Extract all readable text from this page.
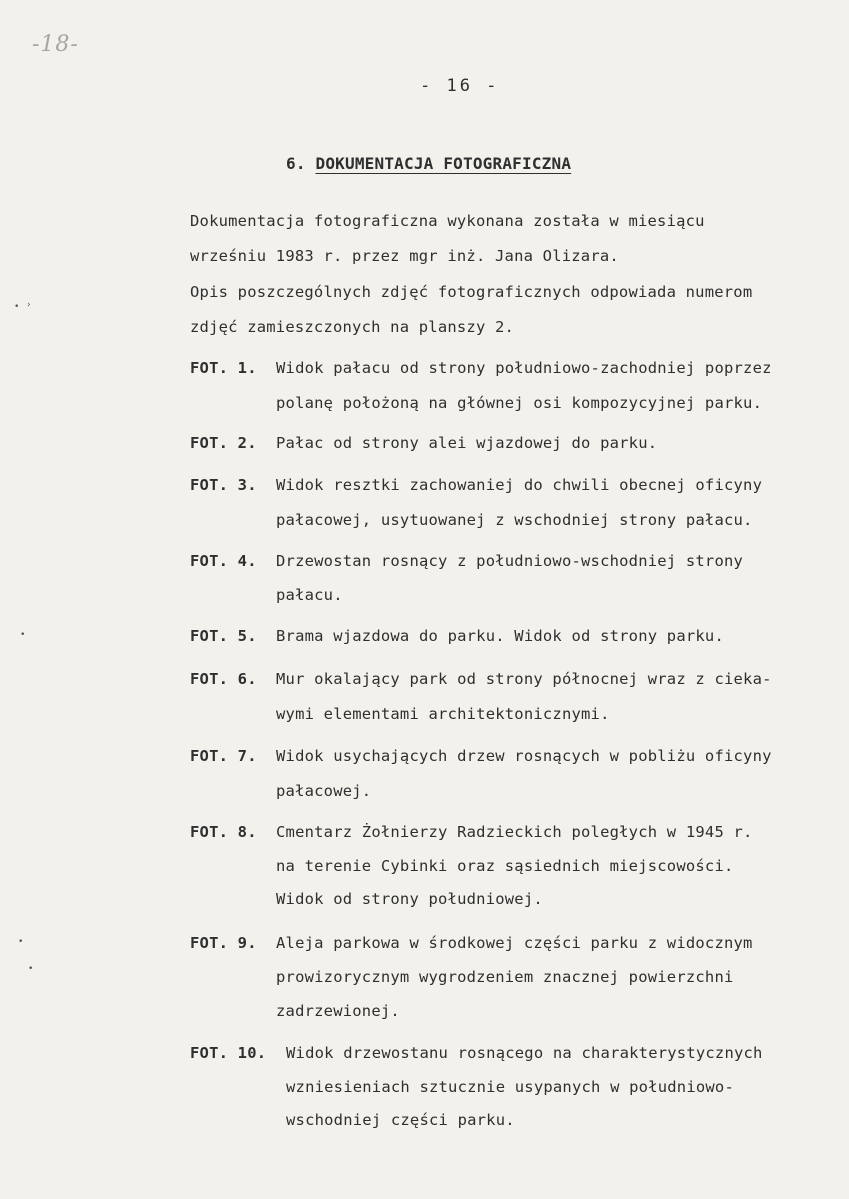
-18-
- 16 -
6. DOKUMENTACJA FOTOGRAFICZNA
Dokumentacja fotograficzna wykonana została w miesiącu
wrześniu 1983 r. przez mgr inż. Jana Olizara.
Opis poszczególnych zdjęć fotograficznych odpowiada numerom
zdjęć zamieszczonych na planszy 2.
FOT. 1. Widok pałacu od strony południowo-zachodniej poprzez
polanę położoną na głównej osi kompozycyjnej parku.
FOT. 2. Pałac od strony alei wjazdowej do parku.
FOT. 3. Widok resztki zachowaniej do chwili obecnej oficyny
pałacowej, usytuowanej z wschodniej strony pałacu.
FOT. 4. Drzewostan rosnący z południowo-wschodniej strony
pałacu.
FOT. 5. Brama wjazdowa do parku. Widok od strony parku.
FOT. 6. Mur okalający park od strony północnej wraz z cieka-
wymi elementami architektonicznymi.
FOT. 7. Widok usychających drzew rosnących w pobliżu oficyny
pałacowej.
FOT. 8. Cmentarz Żołnierzy Radzieckich poległych w 1945 r.
na terenie Cybinki oraz sąsiednich miejscowości.
Widok od strony południowej.
FOT. 9. Aleja parkowa w środkowej części parku z widocznym
prowizorycznym wygrodzeniem znacznej powierzchni
zadrzewionej.
FOT. 10. Widok drzewostanu rosnącego na charakterystycznych
wzniesieniach sztucznie usypanych w południowo-
wschodniej części parku.
• ›
•
•
•
